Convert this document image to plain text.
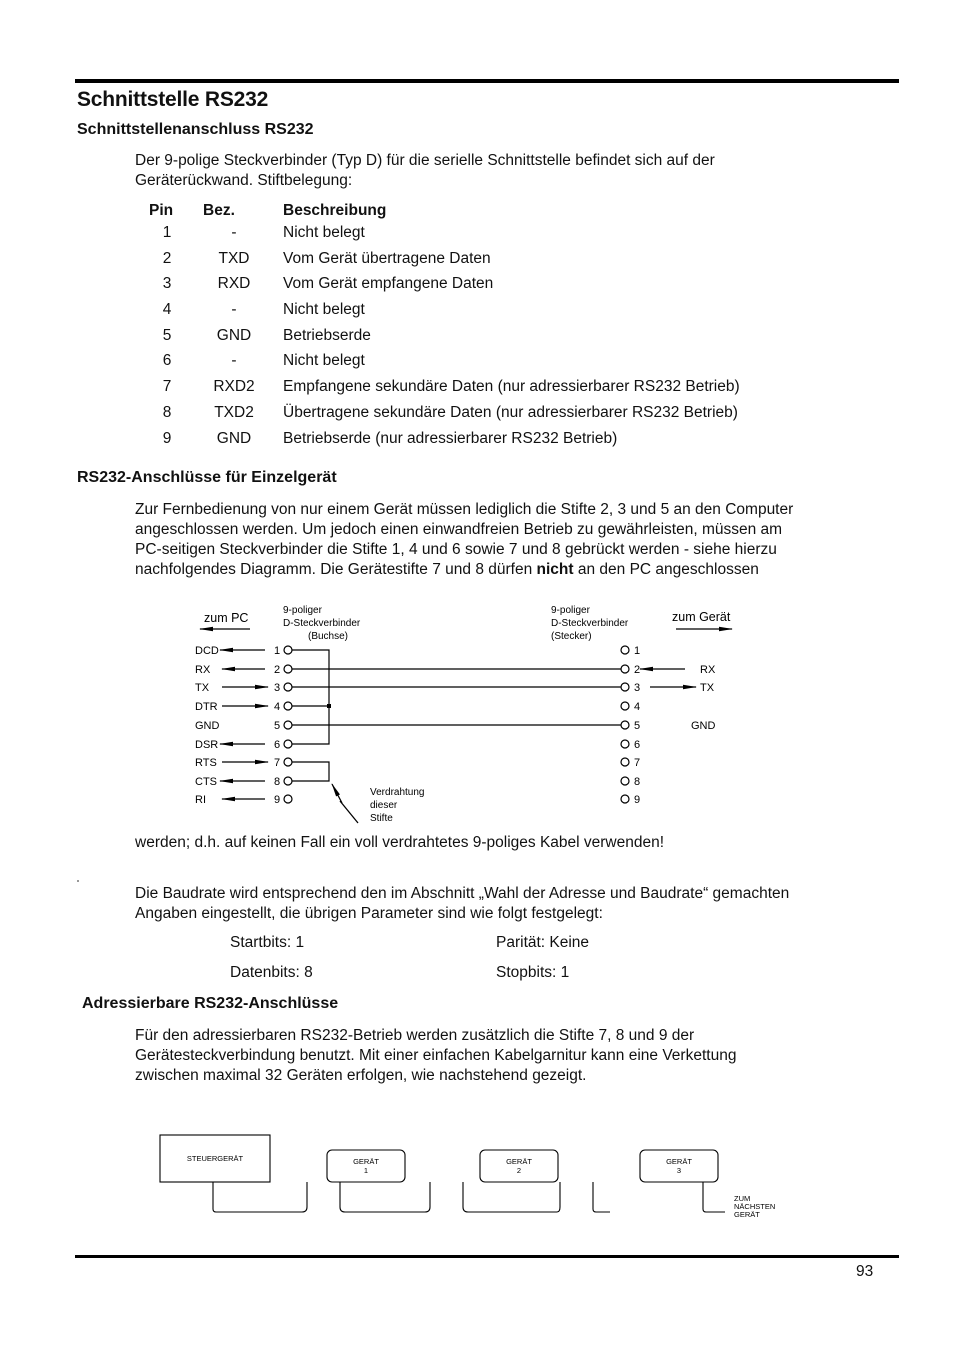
Schnittstelle RS232
Schnittstellenanschluss RS232
Der 9-polige Steckverbinder (Typ D) für die serielle Schnittstelle befindet sich auf der
Geräterückwand. Stiftbelegung:
Pin Bez.	Beschreibung
1	-	Nicht belegt
2	TXD	Vom Gerät übertragene Daten
3	RXD	Vom Gerät empfangene Daten
4	-	Nicht belegt
5	GND	Betriebserde
6	-	Nicht belegt
7	RXD2	Empfangene sekundäre Daten (nur adressierbarer RS232 Betrieb)
8	TXD2	Übertragene sekundäre Daten (nur adressierbarer RS232 Betrieb)
9	GND	Betriebserde (nur adressierbarer RS232 Betrieb)
RS232-Anschlüsse für Einzelgerät
Zur Fernbedienung von nur einem Gerät müssen lediglich die Stifte 2, 3 und 5 an den Computer
angeschlossen werden. Um jedoch einen einwandfreien Betrieb zu gewährleisten, müssen am
PC-seitigen Steckverbinder die Stifte 1, 4 und 6 sowie 7 und 8 gebrückt werden - siehe hierzu
nachfolgendes Diagramm. Die Gerätestifte 7 und 8 dürfen nicht an den PC angeschlossen
zum PC	zum Gerät
9-poliger
D-Steckverbinder
(Buchse)
9-poliger
D-Steckverbinder
(Stecker)
DCD
RX
TX
DTR
GND
DSR
RTS
CTS
RI
1
2
3
4
5
6
7
8
9
1
2
3
4
5
6
7
8
9
Verdrahtung
dieser
Stifte
RX
TX
GND
werden; d.h. auf keinen Fall ein voll verdrahtetes 9-poliges Kabel verwenden!
Die Baudrate wird entsprechend den im Abschnitt „Wahl der Adresse und Baudrate“ gemachten
Angaben eingestellt, die übrigen Parameter sind wie folgt festgelegt:
Startbits: 1	Parität: Keine
Datenbits: 8	Stopbits: 1
Adressierbare RS232-Anschlüsse
Für den adressierbaren RS232-Betrieb werden zusätzlich die Stifte 7, 8 und 9 der
Gerätesteckverbindung benutzt. Mit einer einfachen Kabelgarnitur kann eine Verkettung
zwischen maximal 32 Geräten erfolgen, wie nachstehend gezeigt.
STEUERGERÄT	GERÄT
1
GERÄT
2
GERÄT
3
ZUM
NÄCHSTEN
GERÄT
93
